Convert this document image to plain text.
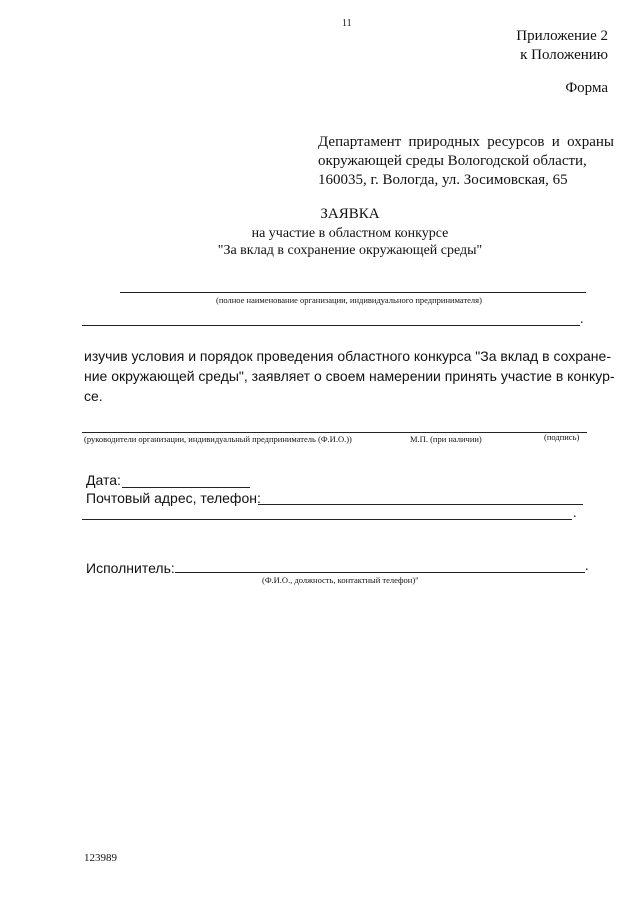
11
Приложение 2
к Положению
Форма
Департамент природных ресурсов и охраны
окружающей среды Вологодской области,
160035, г. Вологда, ул. Зосимовская, 65
ЗАЯВКА
на участие в областном конкурсе
"За вклад в сохранение окружающей среды"
(полное наименование организации, индивидуального предпринимателя)
.
изучив условия и порядок проведения областного конкурса "За вклад в сохране-
ние окружающей среды", заявляет о своем намерении принять участие в конкур-
се.
(руководители организации, индивидуальный предприниматель (Ф.И.О.))	М.П. (при наличии)	(подпись)
Дата:
Почтовый адрес, телефон:
.
Исполнитель:	.
(Ф.И.О., должность, контактный телефон)"
123989
